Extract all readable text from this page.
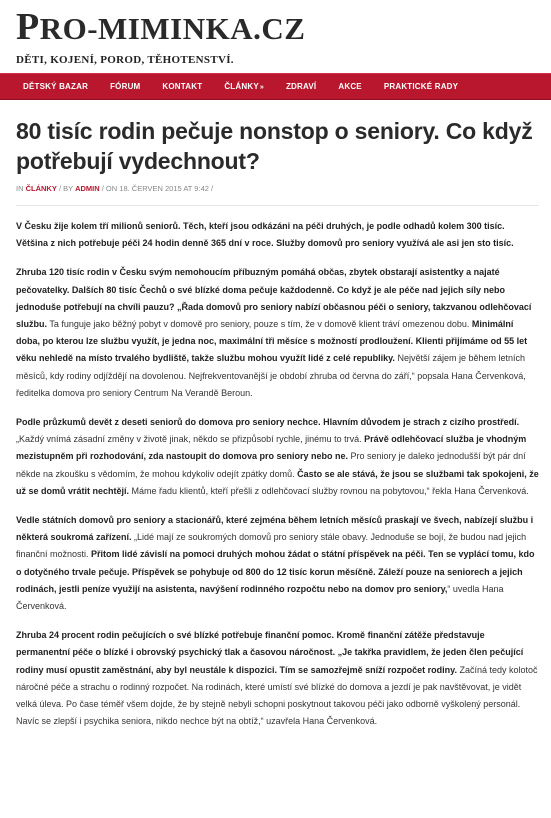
PRO-MIMINKA.CZ
DĚTI, KOJENÍ, POROD, TĚHOTENSTVÍ.
DĚTSKÝ BAZAR	FÓRUM	KONTAKT	ČLÁNKY»	ZDRAVÍ	AKCE	PRAKTICKÉ RADY
80 tisíc rodin pečuje nonstop o seniory. Co když potřebují vydechnout?
IN ČLÁNKY / BY ADMIN / ON 18. ČERVEN 2015 AT 9:42 /

V Česku žije kolem tří milionů seniorů. Těch, kteří jsou odkázáni na péči druhých, je podle odhadů kolem 300 tisíc. Většina z nich potřebuje péči 24 hodin denně 365 dní v roce. Služby domovů pro seniory využívá ale asi jen sto tisíc.

Zhruba 120 tisíc rodin v Česku svým nemohoucím příbuzným pomáhá občas, zbytek obstarají asistentky a najaté pečovatelky. Dalších 80 tisíc Čechů o své blízké doma pečuje každodenně. Co když je ale péče nad jejich síly nebo jednoduše potřebují na chvíli pauzu? „Řada domovů pro seniory nabízí občasnou péči o seniory, takzvanou odlehčovací službu. Ta funguje jako běžný pobyt v domově pro seniory, pouze s tím, že v domově klient tráví omezenou dobu. Minimální doba, po kterou lze službu využít, je jedna noc, maximální tři měsíce s možností prodloužení. Klienti přijímáme od 55 let věku nehledě na místo trvalého bydliště, takže službu mohou využít lidé z celé republiky. Největší zájem je během letních měsíců, kdy rodiny odjíždějí na dovolenou. Nejfrekventovanější je období zhruba od června do září,“ popsala Hana Červenková, ředitelka domova pro seniory Centrum Na Verandě Beroun.

Podle průzkumů devět z deseti seniorů do domova pro seniory nechce. Hlavním důvodem je strach z cizího prostředí. „Každý vnímá zásadní změny v životě jinak, někdo se přizpůsobí rychle, jinému to trvá. Právě odlehčovací služba je vhodným mezistupněm při rozhodování, zda nastoupit do domova pro seniory nebo ne. Pro seniory je daleko jednodušší být pár dní někde na zkoušku s vědomím, že mohou kdykoliv odejít zpátky domů. Často se ale stává, že jsou se službami tak spokojeni, že už se domů vrátit nechtějí. Máme řadu klientů, kteří přešli z odlehčovací služby rovnou na pobytovou,“ řekla Hana Červenková.

Vedle státních domovů pro seniory a stacionářů, které zejména během letních měsíců praskají ve švech, nabízejí službu i některá soukromá zařízení. „Lidé mají ze soukromých domovů pro seniory stále obavy. Jednoduše se bojí, že budou nad jejich finanční možnosti. Přitom lidé závislí na pomoci druhých mohou žádat o státní příspěvek na péči. Ten se vyplácí tomu, kdo o dotyčného trvale pečuje. Příspěvek se pohybuje od 800 do 12 tisíc korun měsíčně. Záleží pouze na seniorech a jejich rodinách, jestli peníze využijí na asistenta, navýšení rodinného rozpočtu nebo na domov pro seniory,“ uvedla Hana Červenková.

Zhruba 24 procent rodin pečujících o své blízké potřebuje finanční pomoc. Kromě finanční zátěže představuje permanentní péče o blízké i obrovský psychický tlak a časovou náročnost. „Je takřka pravidlem, že jeden člen pečující rodiny musí opustit zaměstnání, aby byl neustále k dispozici. Tím se samozřejmě sníží rozpočet rodiny. Začíná tedy kolotoč náročné péče a strachu o rodinný rozpočet. Na rodinách, které umístí své blízké do domova a jezdí je pak navštěvovat, je vidět velká úleva. Po čase téměř všem dojde, že by stejně nebyli schopni poskytnout takovou péči jako odborně vyškolený personál. Navíc se zlepší i psychika seniora, nikdo nechce být na obtíž,“ uzavřela Hana Červenková.
